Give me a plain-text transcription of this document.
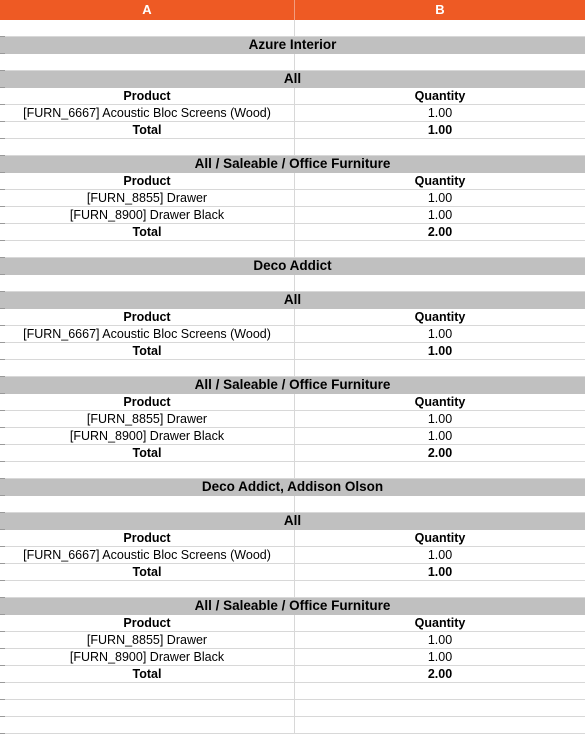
A	B
Azure Interior
All
Product	Quantity
[FURN_6667] Acoustic Bloc Screens (Wood)	1.00
Total	1.00
All / Saleable / Office Furniture
Product	Quantity
[FURN_8855] Drawer	1.00
[FURN_8900] Drawer Black	1.00
Total	2.00
Deco Addict
All
Product	Quantity
[FURN_6667] Acoustic Bloc Screens (Wood)	1.00
Total	1.00
All / Saleable / Office Furniture
Product	Quantity
[FURN_8855] Drawer	1.00
[FURN_8900] Drawer Black	1.00
Total	2.00
Deco Addict, Addison Olson
All
Product	Quantity
[FURN_6667] Acoustic Bloc Screens (Wood)	1.00
Total	1.00
All / Saleable / Office Furniture
Product	Quantity
[FURN_8855] Drawer	1.00
[FURN_8900] Drawer Black	1.00
Total	2.00
